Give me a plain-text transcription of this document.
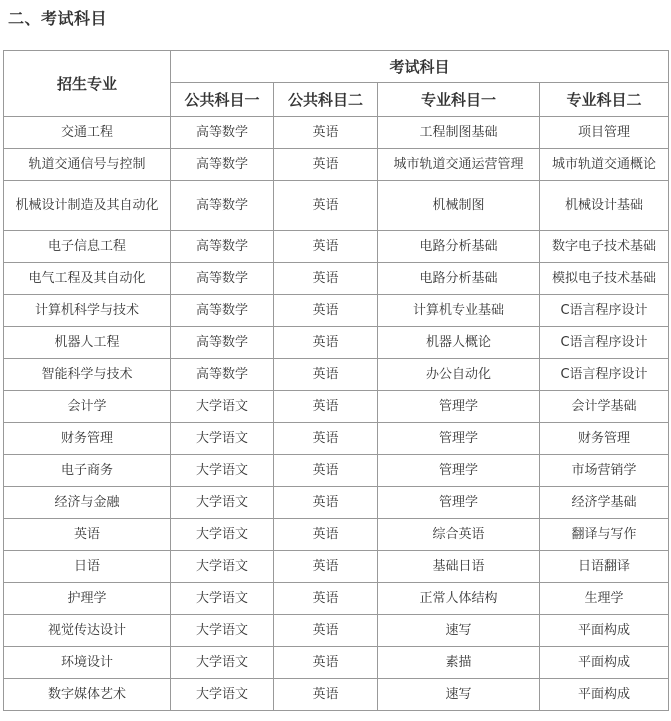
二、考试科目
招生专业	考试科目			
	公共科目一	公共科目二	专业科目一	专业科目二
交通工程	高等数学	英语	工程制图基础	项目管理
轨道交通信号与控制	高等数学	英语	城市轨道交通运营管理	城市轨道交通概论
机械设计制造及其自动化	高等数学	英语	机械制图	机械设计基础
电子信息工程	高等数学	英语	电路分析基础	数字电子技术基础
电气工程及其自动化	高等数学	英语	电路分析基础	模拟电子技术基础
计算机科学与技术	高等数学	英语	计算机专业基础	C语言程序设计
机器人工程	高等数学	英语	机器人概论	C语言程序设计
智能科学与技术	高等数学	英语	办公自动化	C语言程序设计
会计学	大学语文	英语	管理学	会计学基础
财务管理	大学语文	英语	管理学	财务管理
电子商务	大学语文	英语	管理学	市场营销学
经济与金融	大学语文	英语	管理学	经济学基础
英语	大学语文	英语	综合英语	翻译与写作
日语	大学语文	英语	基础日语	日语翻译
护理学	大学语文	英语	正常人体结构	生理学
视觉传达设计	大学语文	英语	速写	平面构成
环境设计	大学语文	英语	素描	平面构成
数字媒体艺术	大学语文	英语	速写	平面构成
